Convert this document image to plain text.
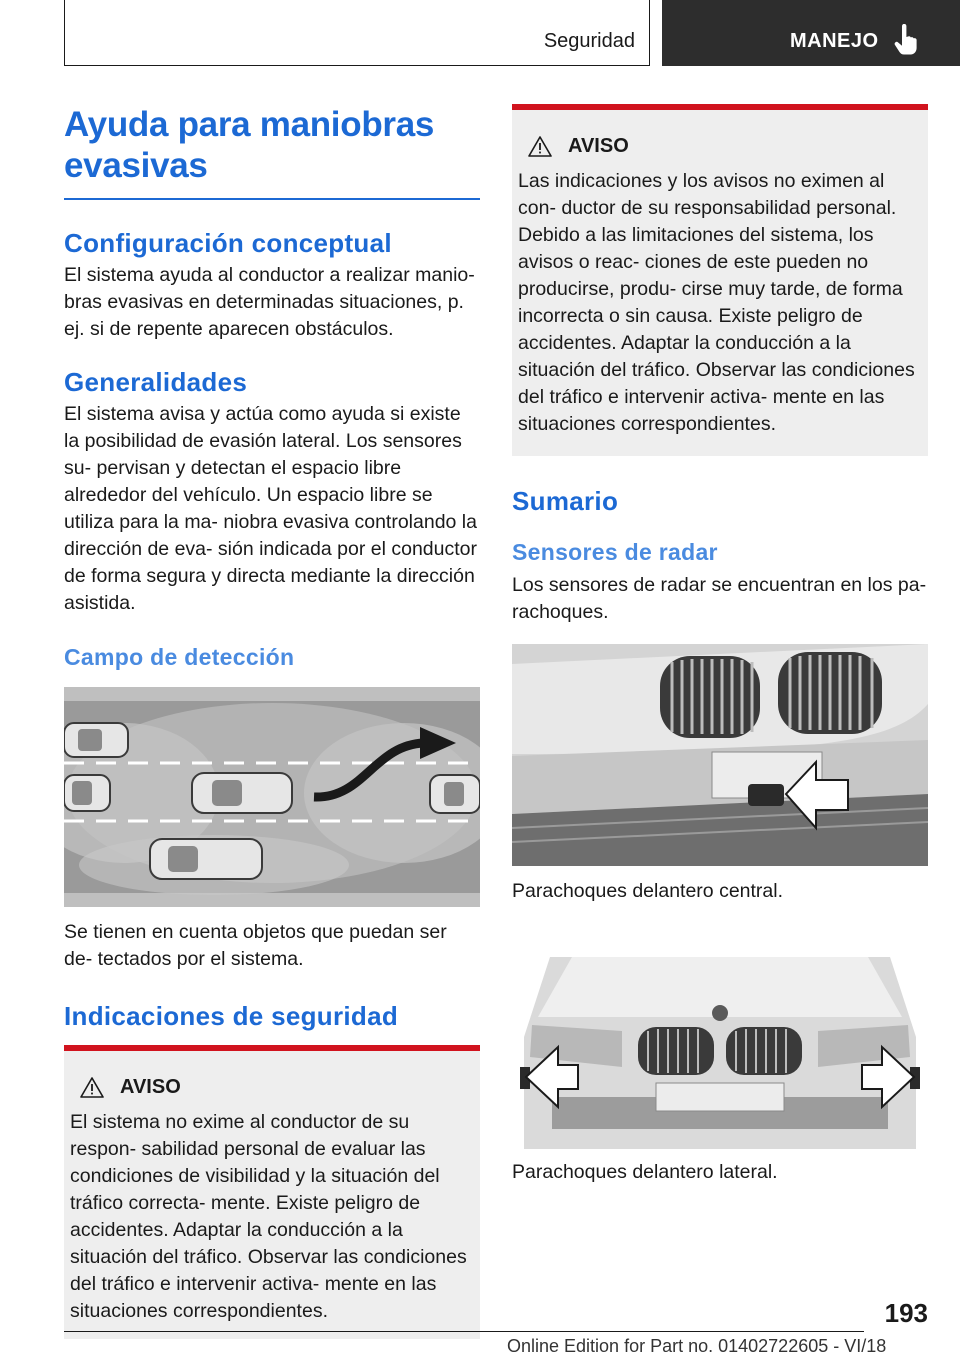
Seguridad	MANEJO
Ayuda para maniobras evasivas
Configuración conceptual

El sistema ayuda al conductor a realizar manio- bras evasivas en determinadas situaciones, p. ej. si de repente aparecen obstáculos.

Generalidades

El sistema avisa y actúa como ayuda si existe la posibilidad de evasión lateral. Los sensores su- pervisan y detectan el espacio libre alrededor del vehículo. Un espacio libre se utiliza para la ma- niobra evasiva controlando la dirección de eva- sión indicada por el conductor de forma segura y directa mediante la dirección asistida.

Campo de detección

Se tienen en cuenta objetos que puedan ser de- tectados por el sistema.

Indicaciones de seguridad
AVISO

El sistema no exime al conductor de su respon- sabilidad personal de evaluar las condiciones de visibilidad y la situación del tráfico correcta- mente. Existe peligro de accidentes. Adaptar la conducción a la situación del tráfico. Observar las condiciones del tráfico e intervenir activa- mente en las situaciones correspondientes.

AVISO

Las indicaciones y los avisos no eximen al con- ductor de su responsabilidad personal. Debido a las limitaciones del sistema, los avisos o reac- ciones de este pueden no producirse, produ- cirse muy tarde, de forma incorrecta o sin causa. Existe peligro de accidentes. Adaptar la conducción a la situación del tráfico. Observar las condiciones del tráfico e intervenir activa- mente en las situaciones correspondientes.

Sumario
Sensores de radar

Los sensores de radar se encuentran en los pa- rachoques.

Parachoques delantero central.

Parachoques delantero lateral.

193
Online Edition for Part no. 01402722605 - VI/18
